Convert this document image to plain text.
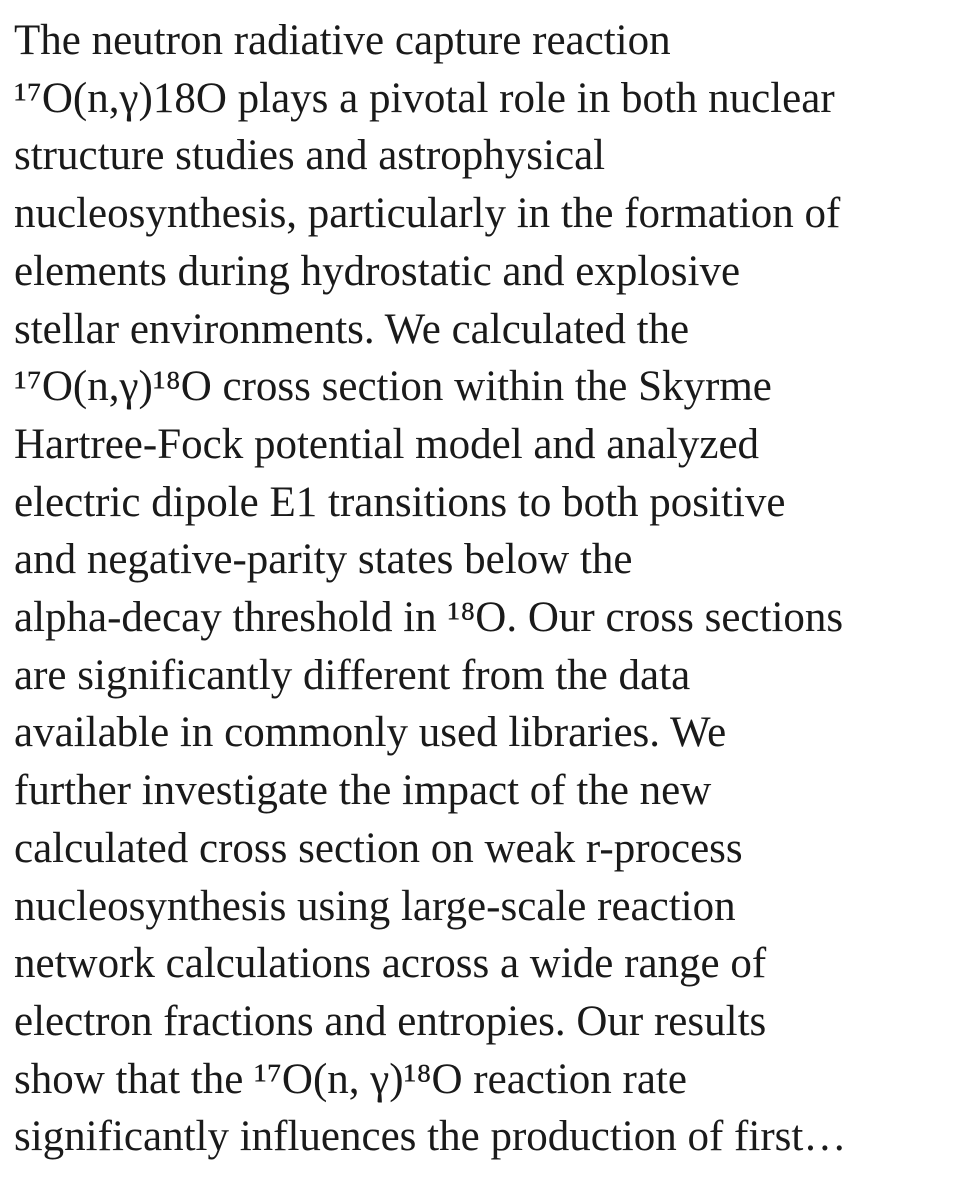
The neutron radiative capture reaction
¹⁷O(n,γ)18O plays a pivotal role in both nuclear
structure studies and astrophysical
nucleosynthesis, particularly in the formation of
elements during hydrostatic and explosive
stellar environments. We calculated the
¹⁷O(n,γ)¹⁸O cross section within the Skyrme
Hartree-Fock potential model and analyzed
electric dipole E1 transitions to both positive
and negative-parity states below the
alpha-decay threshold in ¹⁸O. Our cross sections
are significantly different from the data
available in commonly used libraries. We
further investigate the impact of the new
calculated cross section on weak r-process
nucleosynthesis using large-scale reaction
network calculations across a wide range of
electron fractions and entropies. Our results
show that the ¹⁷O(n, γ)¹⁸O reaction rate
significantly influences the production of first…
